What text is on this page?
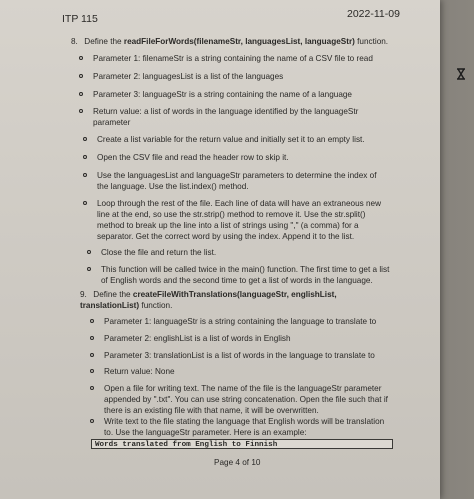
ITP 115	2022-11-09
8. Define the readFileForWords(filenameStr, languagesList, languageStr) function.
Parameter 1: filenameStr is a string containing the name of a CSV file to read
Parameter 2: languagesList is a list of the languages
Parameter 3: languageStr is a string containing the name of a language
Return value: a list of words in the language identified by the languageStr parameter
Create a list variable for the return value and initially set it to an empty list.
Open the CSV file and read the header row to skip it.
Use the languagesList and languageStr parameters to determine the index of the language. Use the list.index() method.
Loop through the rest of the file. Each line of data will have an extraneous new line at the end, so use the str.strip() method to remove it. Use the str.split() method to break up the line into a list of strings using "," (a comma) for a separator. Get the correct word by using the index. Append it to the list.
Close the file and return the list.
This function will be called twice in the main() function. The first time to get a list of English words and the second time to get a list of words in the language.
9. Define the createFileWithTranslations(languageStr, englishList, translationList) function.
Parameter 1: languageStr is a string containing the language to translate to
Parameter 2: englishList is a list of words in English
Parameter 3: translationList is a list of words in the language to translate to
Return value: None
Open a file for writing text. The name of the file is the languageStr parameter appended by ".txt". You can use string concatenation. Open the file such that if there is an existing file with that name, it will be overwritten.
Write text to the file stating the language that English words will be translation to. Use the languageStr parameter. Here is an example:
Words translated from English to Finnish
Page 4 of 10
